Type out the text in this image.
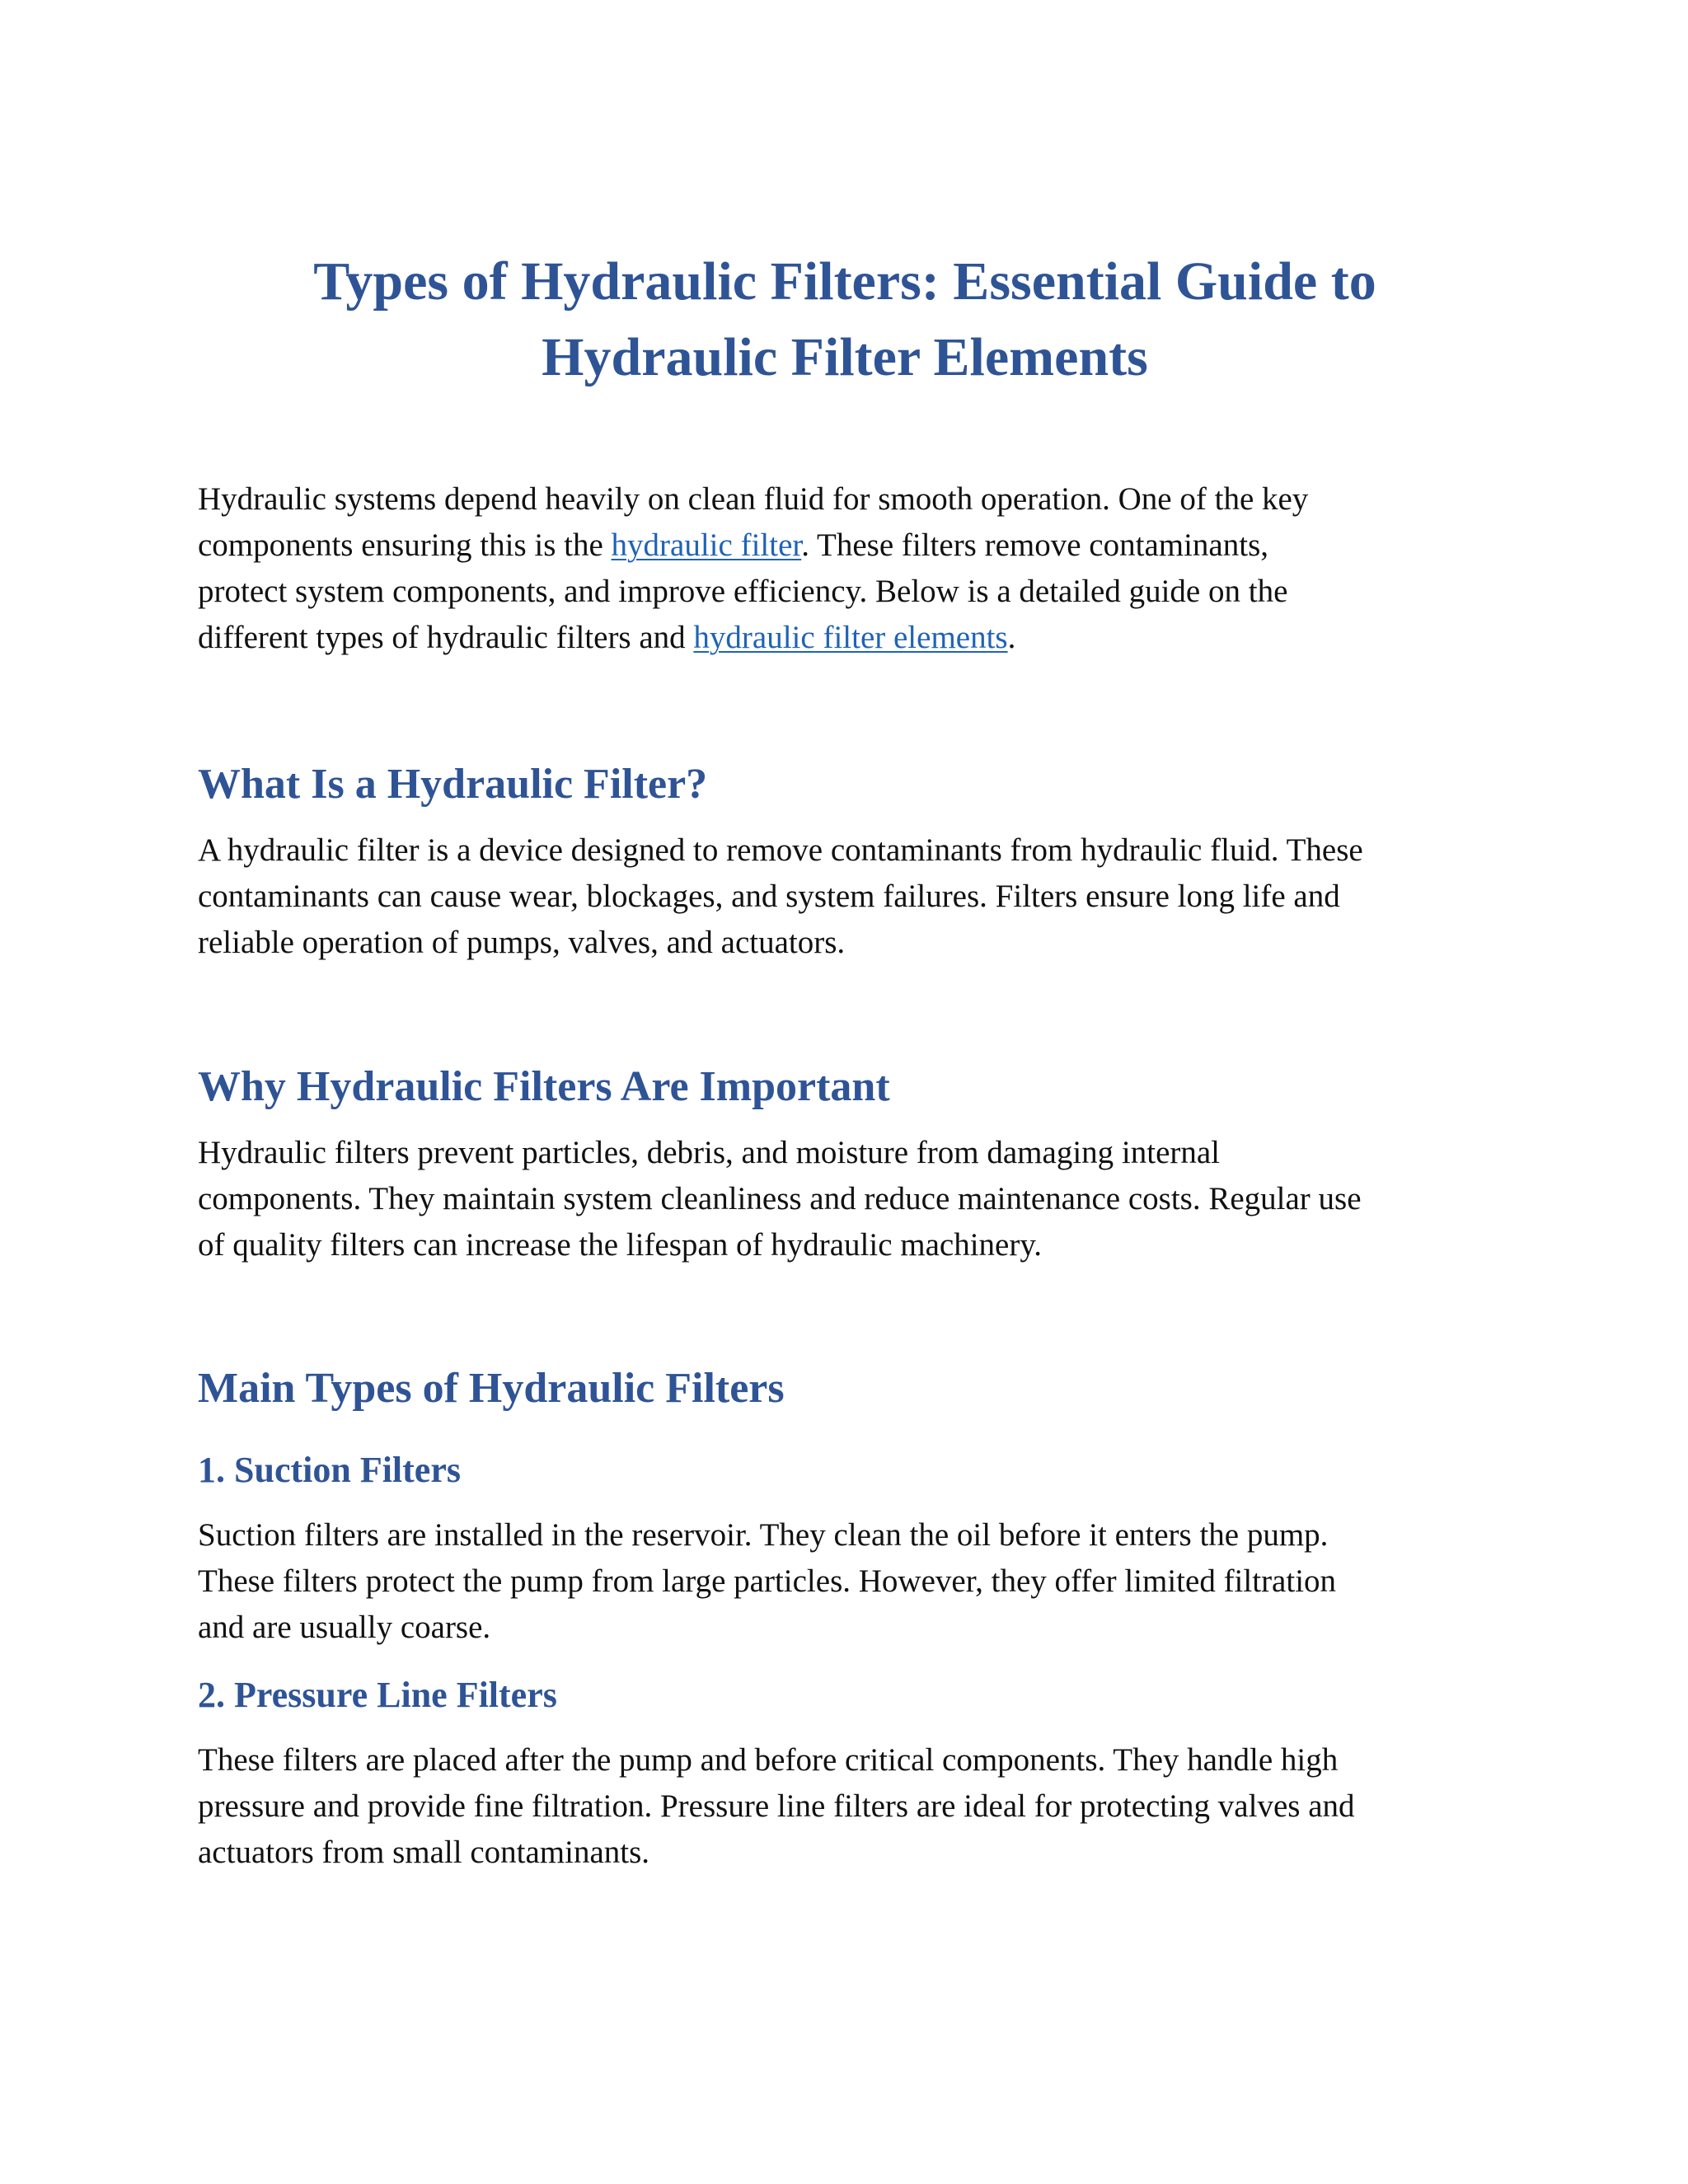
Types of Hydraulic Filters: Essential Guide to
Hydraulic Filter Elements

Hydraulic systems depend heavily on clean fluid for smooth operation. One of the key
components ensuring this is the hydraulic filter. These filters remove contaminants,
protect system components, and improve efficiency. Below is a detailed guide on the
different types of hydraulic filters and hydraulic filter elements.

What Is a Hydraulic Filter?

A hydraulic filter is a device designed to remove contaminants from hydraulic fluid. These
contaminants can cause wear, blockages, and system failures. Filters ensure long life and
reliable operation of pumps, valves, and actuators.

Why Hydraulic Filters Are Important

Hydraulic filters prevent particles, debris, and moisture from damaging internal
components. They maintain system cleanliness and reduce maintenance costs. Regular use
of quality filters can increase the lifespan of hydraulic machinery.

Main Types of Hydraulic Filters
1. Suction Filters

Suction filters are installed in the reservoir. They clean the oil before it enters the pump.
These filters protect the pump from large particles. However, they offer limited filtration
and are usually coarse.

2. Pressure Line Filters

These filters are placed after the pump and before critical components. They handle high
pressure and provide fine filtration. Pressure line filters are ideal for protecting valves and
actuators from small contaminants.
